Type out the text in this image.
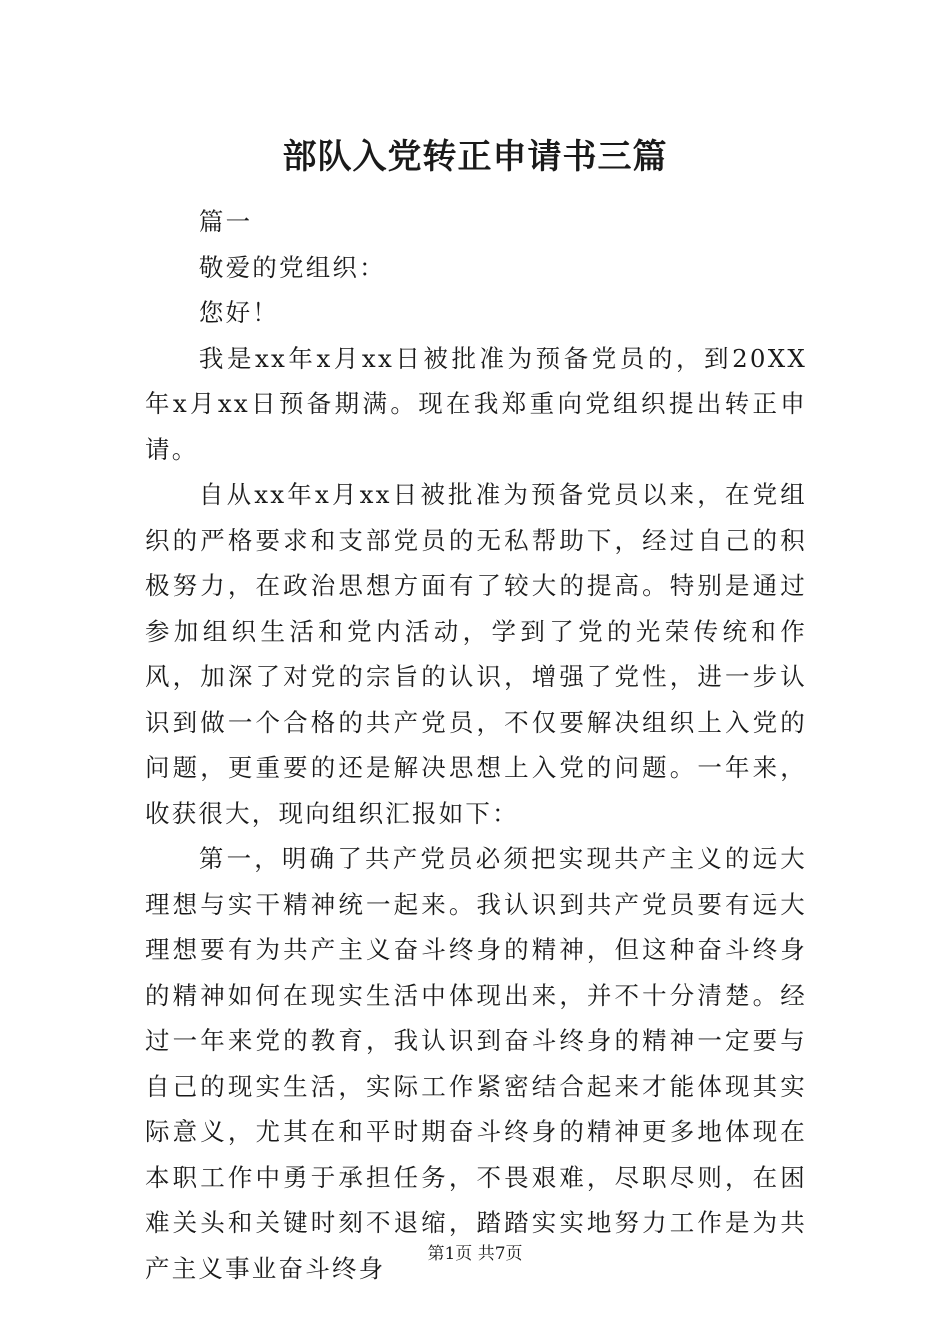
部队入党转正申请书三篇

篇一

敬爱的党组织：

您好！

我是xx年x月xx日被批准为预备党员的，到20XX年x月xx日预备期满。现在我郑重向党组织提出转正申请。

自从xx年x月xx日被批准为预备党员以来，在党组织的严格要求和支部党员的无私帮助下，经过自己的积极努力，在政治思想方面有了较大的提高。特别是通过参加组织生活和党内活动，学到了党的光荣传统和作风，加深了对党的宗旨的认识，增强了党性，进一步认识到做一个合格的共产党员，不仅要解决组织上入党的问题，更重要的还是解决思想上入党的问题。一年来，收获很大，现向组织汇报如下：

第一，明确了共产党员必须把实现共产主义的远大理想与实干精神统一起来。我认识到共产党员要有远大理想要有为共产主义奋斗终身的精神，但这种奋斗终身的精神如何在现实生活中体现出来，并不十分清楚。经过一年来党的教育，我认识到奋斗终身的精神一定要与自己的现实生活，实际工作紧密结合起来才能体现其实际意义，尤其在和平时期奋斗终身的精神更多地体现在本职工作中勇于承担任务，不畏艰难，尽职尽则，在困难关头和关键时刻不退缩，踏踏实实地努力工作是为共产主义事业奋斗终身	第1页 共7页
